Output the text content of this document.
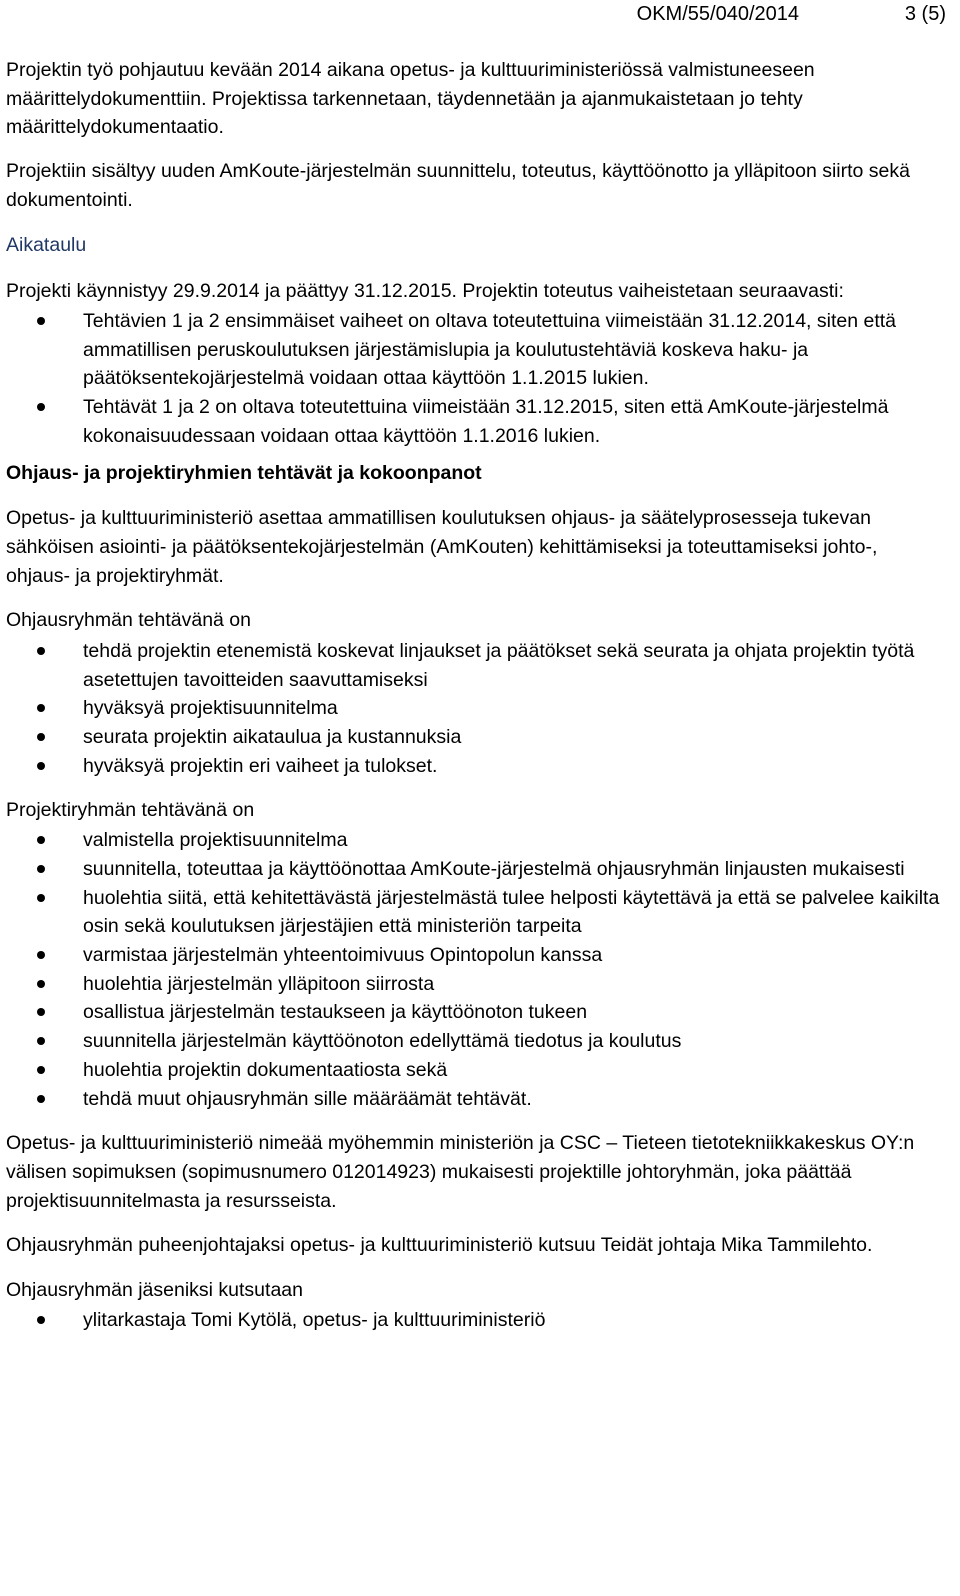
OKM/55/040/2014	3 (5)

Projektin työ pohjautuu kevään 2014 aikana opetus- ja kulttuuriministeriössä valmistuneeseen määrittelydokumenttiin. Projektissa tarkennetaan, täydennetään ja ajanmukaistetaan jo tehty määrittelydokumentaatio.

Projektiin sisältyy uuden AmKoute-järjestelmän suunnittelu, toteutus, käyttöönotto ja ylläpitoon siirto sekä dokumentointi.

Aikataulu

Projekti käynnistyy 29.9.2014 ja päättyy 31.12.2015. Projektin toteutus vaiheistetaan seuraavasti:

Tehtävien 1 ja 2 ensimmäiset vaiheet on oltava toteutettuina viimeistään 31.12.2014, siten että ammatillisen peruskoulutuksen järjestämislupia ja koulutustehtäviä koskeva haku- ja päätöksentekojärjestelmä voidaan ottaa käyttöön 1.1.2015 lukien.
Tehtävät 1 ja 2 on oltava toteutettuina viimeistään 31.12.2015, siten että AmKoute-järjestelmä kokonaisuudessaan voidaan ottaa käyttöön 1.1.2016 lukien.
Ohjaus- ja projektiryhmien tehtävät ja kokoonpanot

Opetus- ja kulttuuriministeriö asettaa ammatillisen koulutuksen ohjaus- ja säätelyprosesseja tukevan sähköisen asiointi- ja päätöksentekojärjestelmän (AmKouten) kehittämiseksi ja toteuttamiseksi johto-, ohjaus- ja projektiryhmät.

Ohjausryhmän tehtävänä on

tehdä projektin etenemistä koskevat linjaukset ja päätökset sekä seurata ja ohjata projektin työtä asetettujen tavoitteiden saavuttamiseksi
hyväksyä projektisuunnitelma
seurata projektin aikataulua ja kustannuksia
hyväksyä projektin eri vaiheet ja tulokset.

Projektiryhmän tehtävänä on

valmistella projektisuunnitelma
suunnitella, toteuttaa ja käyttöönottaa AmKoute-järjestelmä ohjausryhmän linjausten mukaisesti
huolehtia siitä, että kehitettävästä järjestelmästä tulee helposti käytettävä ja että se palvelee kaikilta osin sekä koulutuksen järjestäjien että ministeriön tarpeita
varmistaa järjestelmän yhteentoimivuus Opintopolun kanssa
huolehtia järjestelmän ylläpitoon siirrosta
osallistua järjestelmän testaukseen ja käyttöönoton tukeen
suunnitella järjestelmän käyttöönoton edellyttämä tiedotus ja koulutus
huolehtia projektin dokumentaatiosta sekä
tehdä muut ohjausryhmän sille määräämät tehtävät.

Opetus- ja kulttuuriministeriö nimeää myöhemmin ministeriön ja CSC – Tieteen tietotekniikkakeskus OY:n välisen sopimuksen (sopimusnumero 012014923) mukaisesti projektille johtoryhmän, joka päättää projektisuunnitelmasta ja resursseista.

Ohjausryhmän puheenjohtajaksi opetus- ja kulttuuriministeriö kutsuu Teidät johtaja Mika Tammilehto.

Ohjausryhmän jäseniksi kutsutaan

ylitarkastaja Tomi Kytölä, opetus- ja kulttuuriministeriö
